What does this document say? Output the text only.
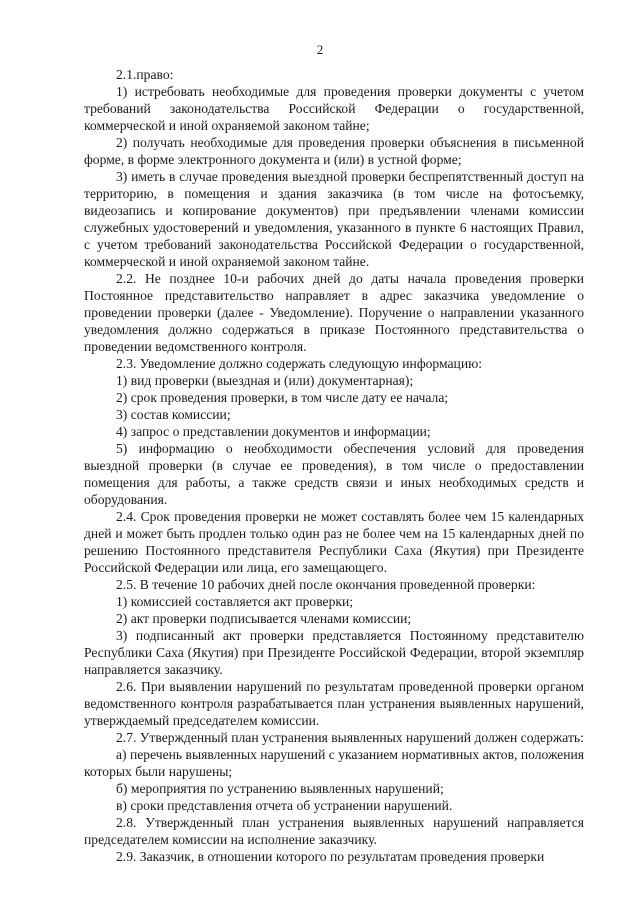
2

2.1.право:

1) истребовать необходимые для проведения проверки документы с учетом требований законодательства Российской Федерации о государственной, коммерческой и иной охраняемой законом тайне;

2) получать необходимые для проведения проверки объяснения в письменной форме, в форме электронного документа и (или) в устной форме;

3) иметь в случае проведения выездной проверки беспрепятственный доступ на территорию, в помещения и здания заказчика (в том числе на фотосъемку, видеозапись и копирование документов) при предъявлении членами комиссии служебных удостоверений и уведомления, указанного в пункте 6 настоящих Правил, с учетом требований законодательства Российской Федерации о государственной, коммерческой и иной охраняемой законом тайне.

2.2. Не позднее 10-и рабочих дней до даты начала проведения проверки Постоянное представительство направляет в адрес заказчика уведомление о проведении проверки (далее - Уведомление). Поручение о направлении указанного уведомления должно содержаться в приказе Постоянного представительства о проведении ведомственного контроля.

2.3. Уведомление должно содержать следующую информацию:

1) вид проверки (выездная и (или) документарная);

2) срок проведения проверки, в том числе дату ее начала;

3) состав комиссии;

4) запрос о представлении документов и информации;

5) информацию о необходимости обеспечения условий для проведения выездной проверки (в случае ее проведения), в том числе о предоставлении помещения для работы, а также средств связи и иных необходимых средств и оборудования.

2.4. Срок проведения проверки не может составлять более чем 15 календарных дней и может быть продлен только один раз не более чем на 15 календарных дней по решению Постоянного представителя Республики Саха (Якутия) при Президенте Российской Федерации или лица, его замещающего.

2.5. В течение 10 рабочих дней после окончания проведенной проверки:

1) комиссией составляется акт проверки;

2) акт проверки подписывается членами комиссии;

3) подписанный акт проверки представляется Постоянному представителю Республики Саха (Якутия) при Президенте Российской Федерации, второй экземпляр направляется заказчику.

2.6. При выявлении нарушений по результатам проведенной проверки органом ведомственного контроля разрабатывается план устранения выявленных нарушений, утверждаемый председателем комиссии.

2.7. Утвержденный план устранения выявленных нарушений должен содержать:

а) перечень выявленных нарушений с указанием нормативных актов, положения которых были нарушены;

б) мероприятия по устранению выявленных нарушений;

в) сроки представления отчета об устранении нарушений.

2.8. Утвержденный план устранения выявленных нарушений направляется председателем комиссии на исполнение заказчику.

2.9. Заказчик, в отношении которого по результатам проведения проверки
